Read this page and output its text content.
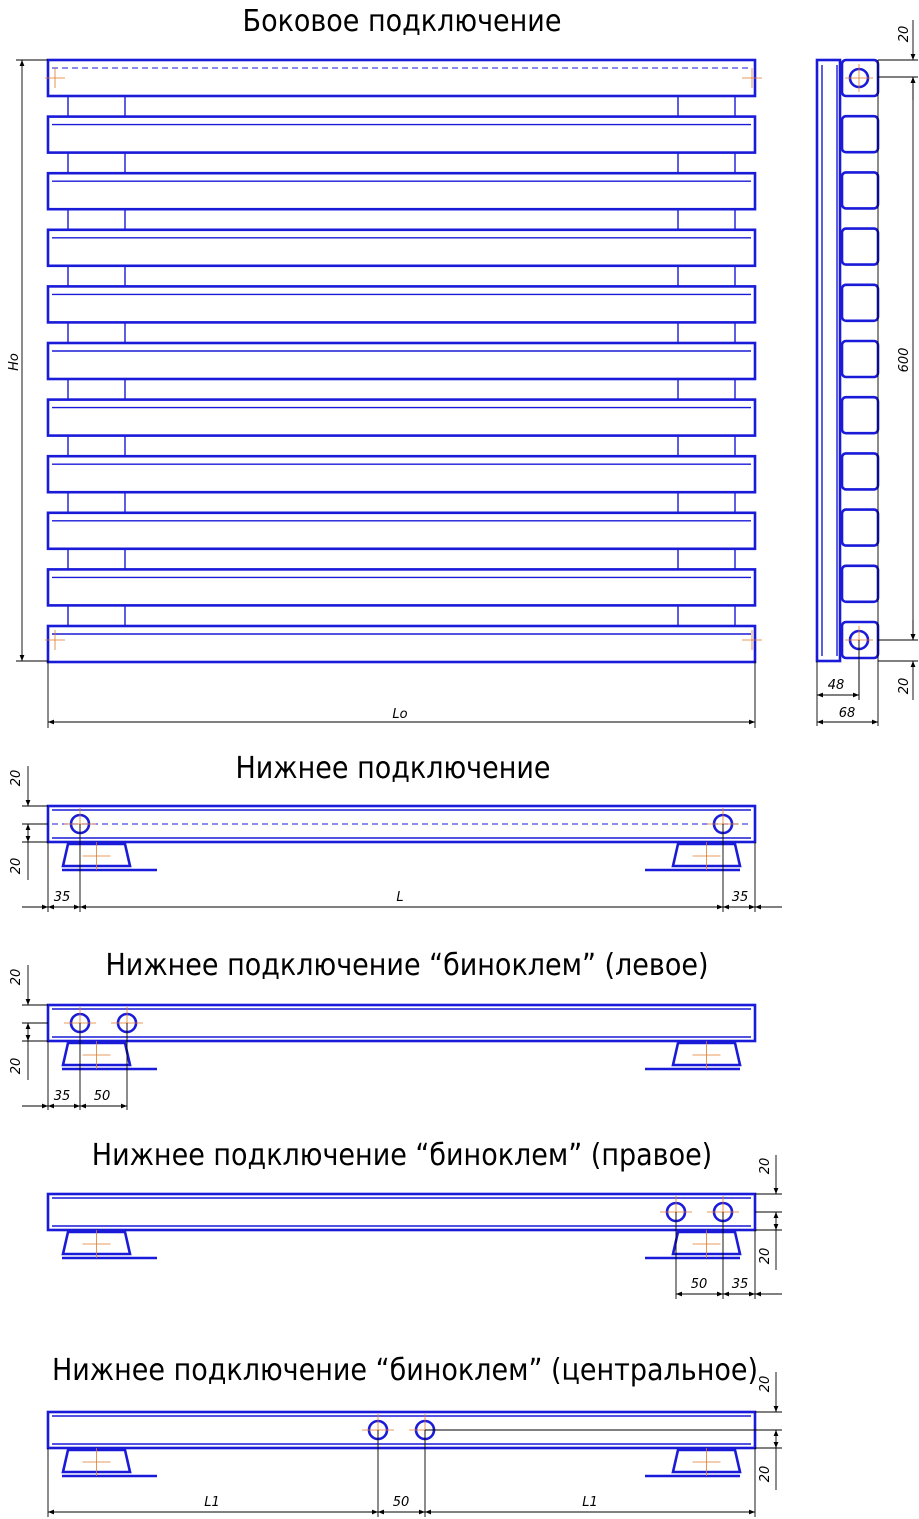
Боковое подключение
Ho
Lo
20
600
20
48
68
Нижнее подключение
20
20
35	L	35
Нижнее подключение “биноклем” (левое)
20
20
35 50
Нижнее подключение “биноклем” (правое)	20
20
50 35
Нижнее подключение “биноклем” (центральное) 20
20
L1	50	L1
